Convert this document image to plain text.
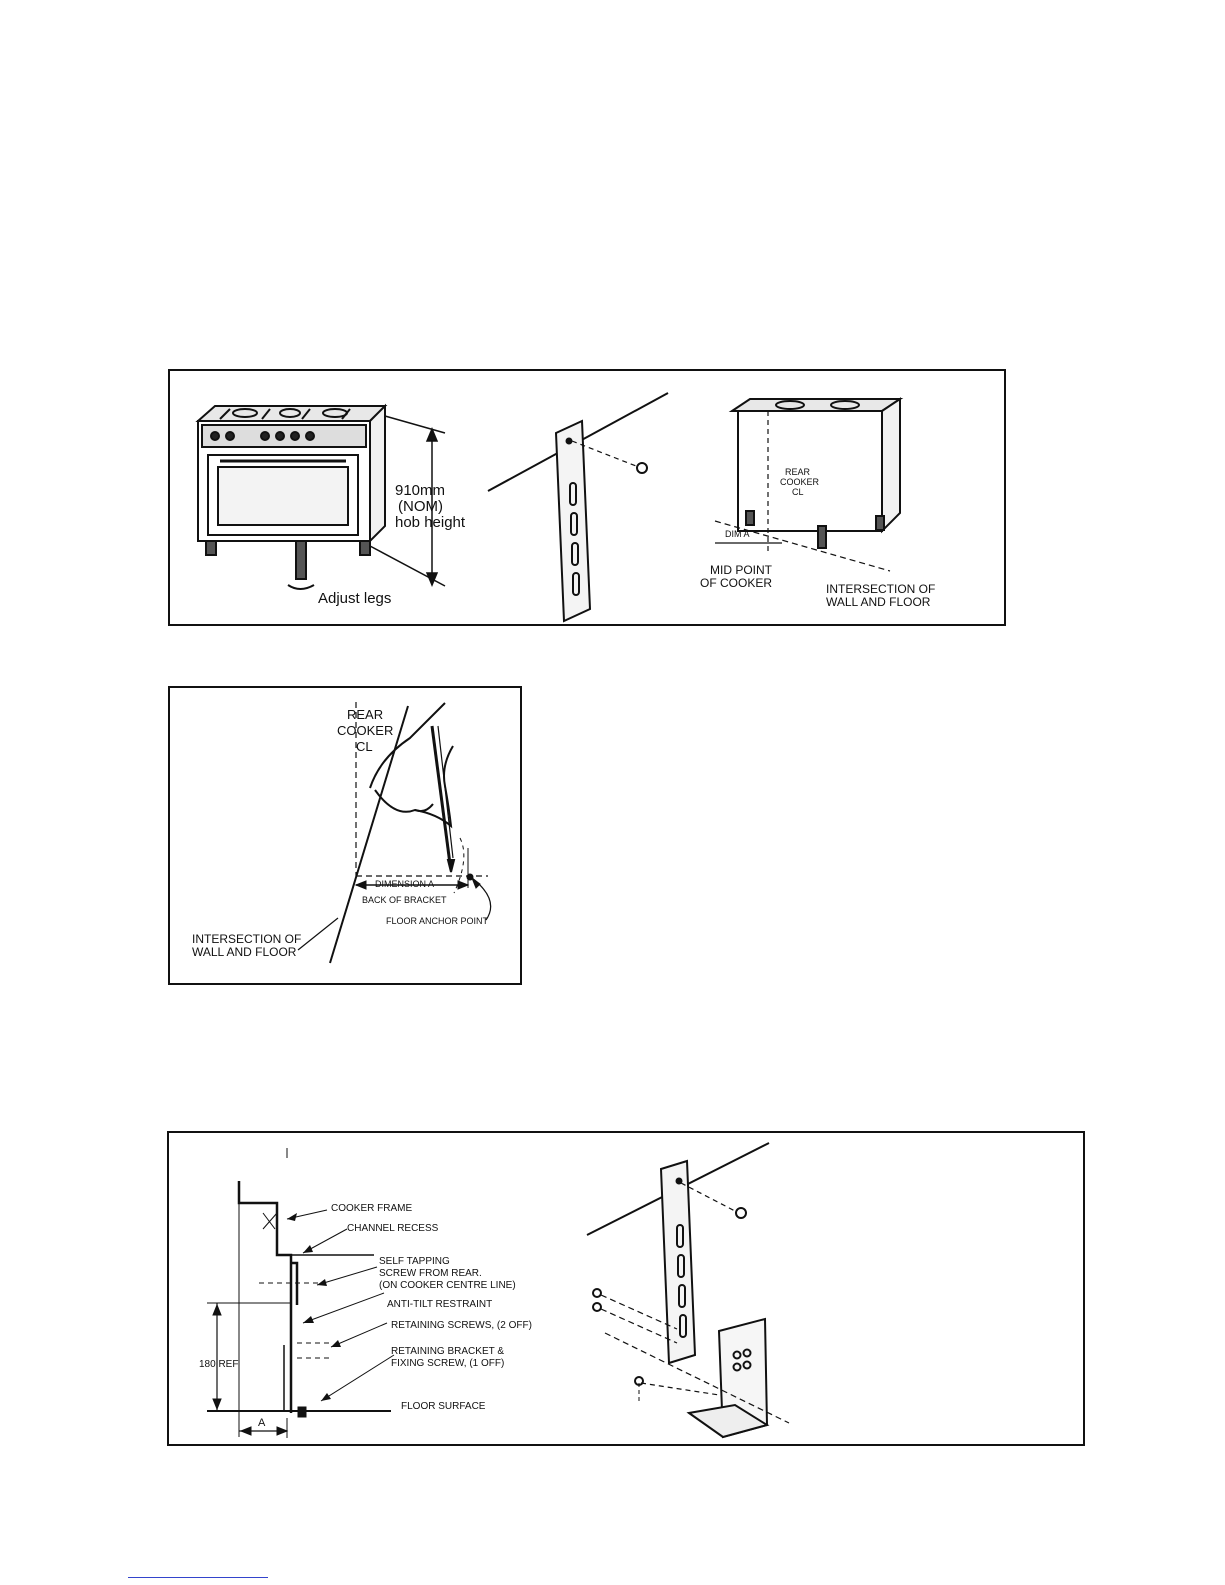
910mm
(NOM)
hob height
Adjust legs
REAR
COOKER
CL
DIM A
MID POINT
OF COOKER	INTERSECTION OF
WALL AND FLOOR
REAR
COOKER
CL
DIMENSION A
BACK OF BRACKET
FLOOR ANCHOR POINT
INTERSECTION OF
WALL AND FLOOR
COOKER FRAME
CHANNEL RECESS
SELF TAPPING
SCREW FROM REAR.
(ON COOKER CENTRE LINE)
ANTI-TILT RESTRAINT
RETAINING SCREWS, (2 OFF)
RETAINING BRACKET &
FIXING SCREW, (1 OFF)
FLOOR SURFACE
180 REF
A
